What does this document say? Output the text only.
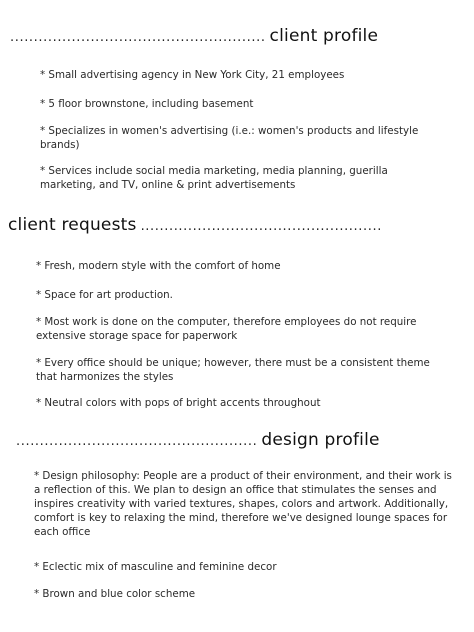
...................................................... client profile
* Small advertising agency in New York City, 21 employees
* 5 floor brownstone, including basement
* Specializes in women's advertising (i.e.: women's products and lifestyle brands)
* Services include social media marketing, media planning, guerilla marketing, and TV, online & print advertisements
client requests ...................................................
* Fresh, modern style with the comfort of home
* Space for art production.
* Most work is done on the computer, therefore employees do not require extensive storage space for paperwork
* Every office should be unique; however, there must be a consistent theme that harmonizes the styles
* Neutral colors with pops of bright accents throughout
................................................... design profile
* Design philosophy: People are a product of their environment, and their work is a reflection of this. We plan to design an office that stimulates the senses and inspires creativity with varied textures, shapes, colors and artwork. Additionally, comfort is key to relaxing the mind, therefore we've designed lounge spaces for each office
* Eclectic mix of masculine and feminine decor
* Brown and blue color scheme
